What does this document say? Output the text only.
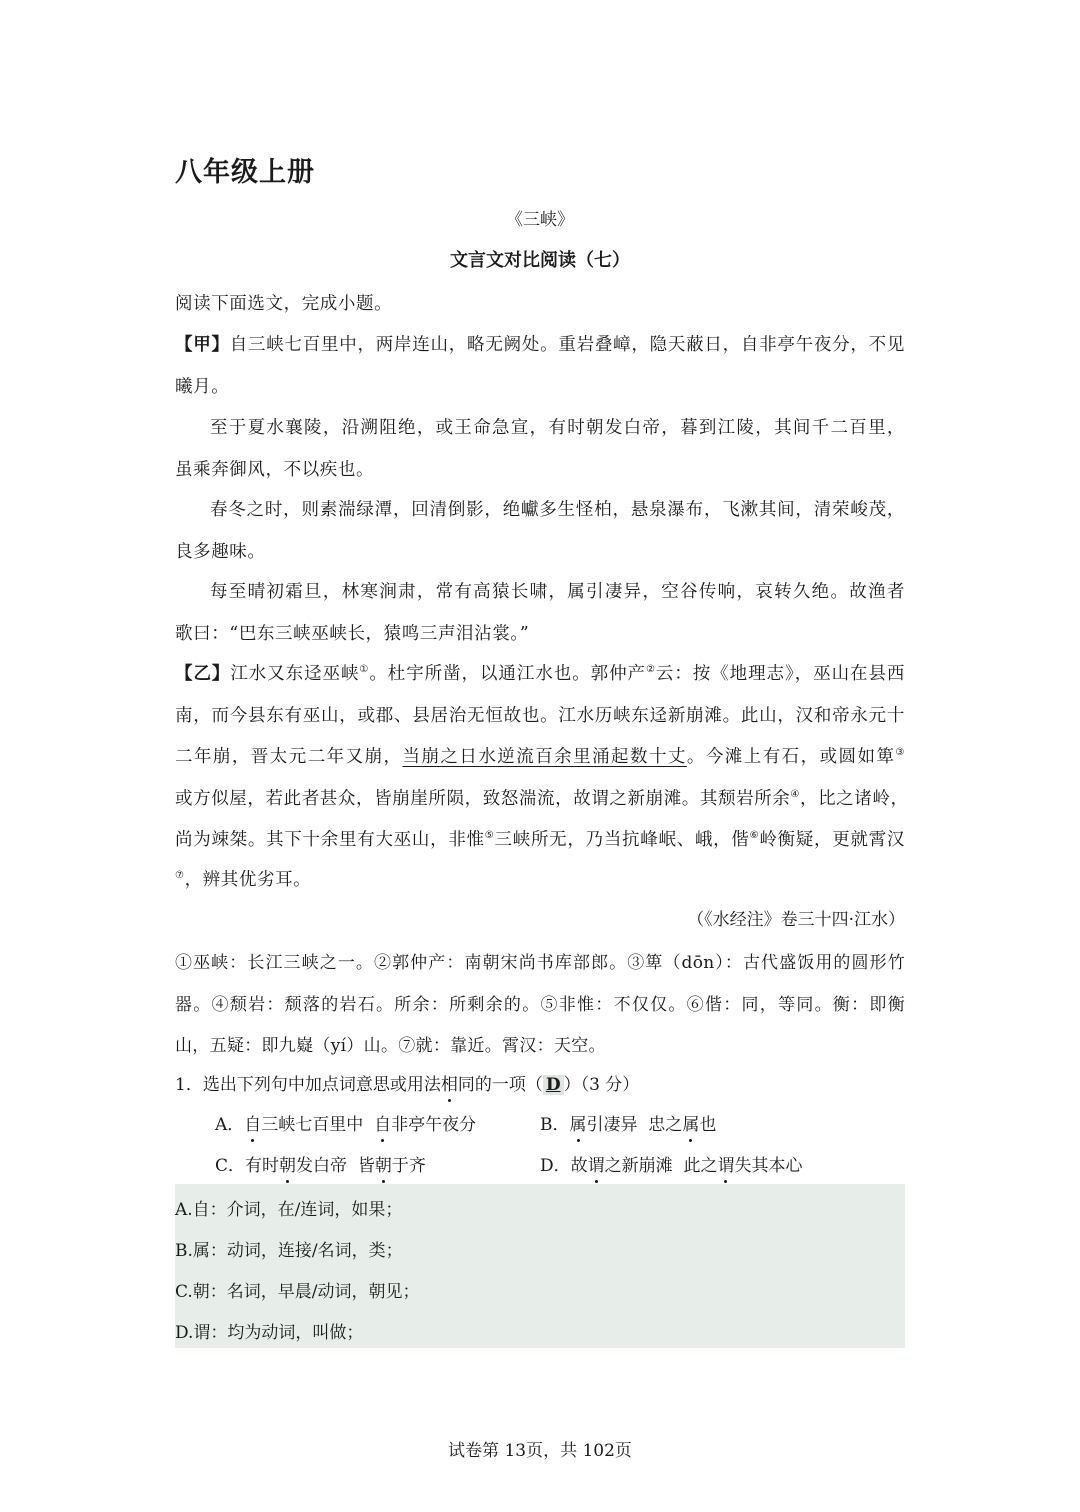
八年级上册
《三峡》
文言文对比阅读（七）
阅读下面选文，完成小题。
【甲】自三峡七百里中，两岸连山，略无阙处。重岩叠嶂，隐天蔽日，自非亭午夜分，不见
曦月。
至于夏水襄陵，沿溯阻绝，或王命急宣，有时朝发白帝，暮到江陵，其间千二百里，
虽乘奔御风，不以疾也。
春冬之时，则素湍绿潭，回清倒影，绝巘多生怪柏，悬泉瀑布，飞漱其间，清荣峻茂，
良多趣味。
每至晴初霜旦，林寒涧肃，常有高猿长啸，属引凄异，空谷传响，哀转久绝。故渔者
歌曰：“巴东三峡巫峡长，猿鸣三声泪沾裳。”
【乙】江水又东迳巫峡①。杜宇所凿，以通江水也。郭仲产②云：按《地理志》，巫山在县西
南，而今县东有巫山，或郡、县居治无恒故也。江水历峡东迳新崩滩。此山，汉和帝永元十
二年崩，晋太元二年又崩，当崩之日水逆流百余里涌起数十丈。今滩上有石，或圆如箄③
或方似屋，若此者甚众，皆崩崖所陨，致怒湍流，故谓之新崩滩。其颓岩所余④，比之诸岭，
尚为竦桀。其下十余里有大巫山，非惟⑤三峡所无，乃当抗峰岷、峨，偕⑥岭衡疑，更就霄汉
⑦，辨其优劣耳。
（《水经注》卷三十四·江水）
①巫峡：长江三峡之一。②郭仲产：南朝宋尚书库部郎。③箄（dōn）：古代盛饭用的圆形竹
器。④颓岩：颓落的岩石。所余：所剩余的。⑤非惟：不仅仅。⑥偕：同，等同。衡：即衡
山，五疑：即九嶷（yí）山。⑦就：靠近。霄汉：天空。
1．选出下列句中加点词意思或用法相同的一项（ D ）（3 分）
A．自三峡七百里中  自非亭午夜分	B．属引凄异  忠之属也
C．有时朝发白帝  皆朝于齐	D．故谓之新崩滩  此之谓失其本心
A.自：介词，在/连词，如果；
B.属：动词，连接/名词，类；
C.朝：名词，早晨/动词，朝见；
D.谓：均为动词，叫做；
试卷第 13页，共 102页
